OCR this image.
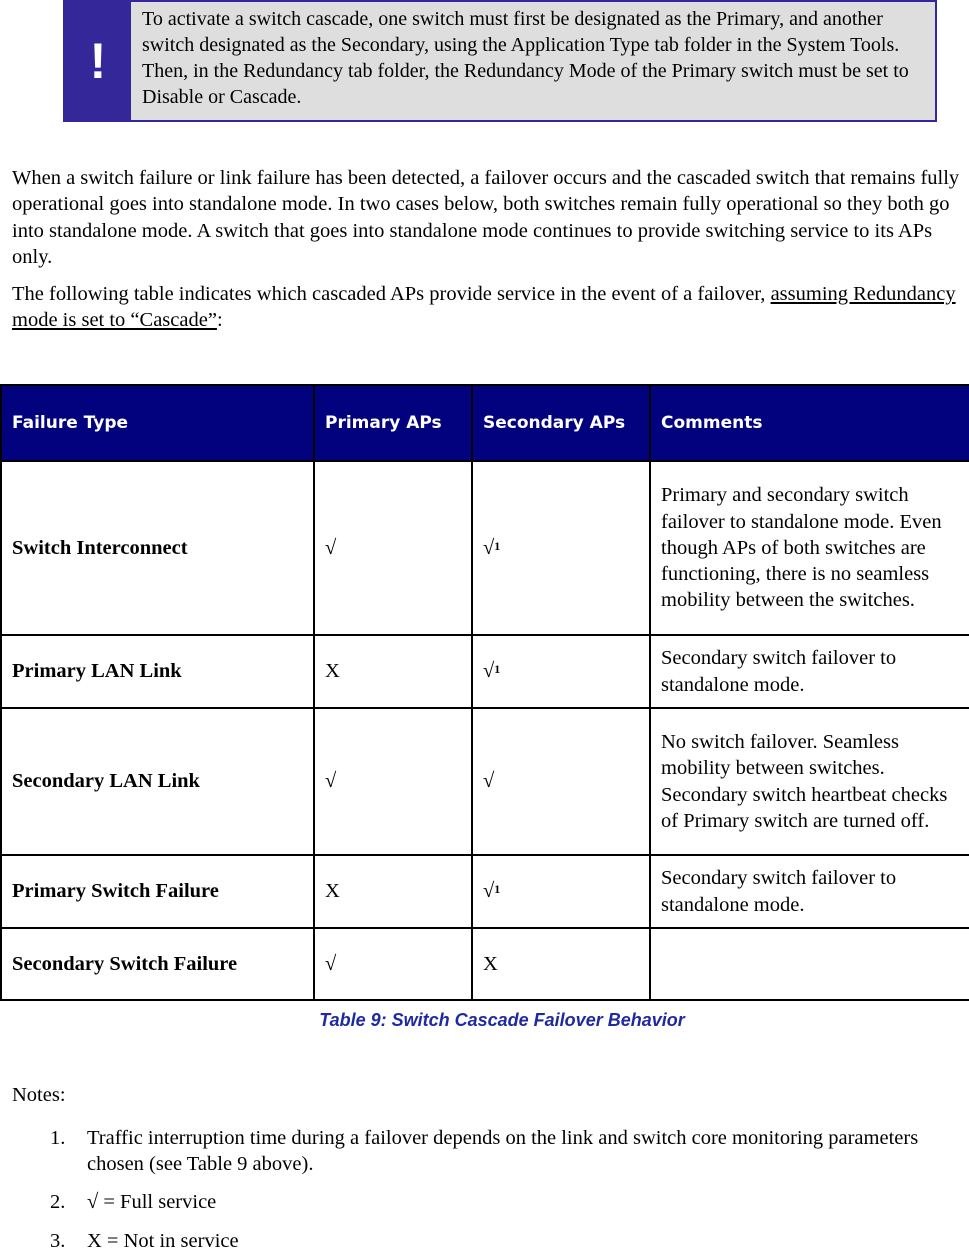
!
To activate a switch cascade, one switch must first be designated as the Primary, and another switch designated as the Secondary, using the Application Type tab folder in the System Tools. Then, in the Redundancy tab folder, the Redundancy Mode of the Primary switch must be set to Disable or Cascade.

When a switch failure or link failure has been detected, a failover occurs and the cascaded switch that remains fully operational goes into standalone mode. In two cases below, both switches remain fully operational so they both go into standalone mode. A switch that goes into standalone mode continues to provide switching service to its APs only.

The following table indicates which cascaded APs provide service in the event of a failover, assuming Redundancy mode is set to “Cascade”:

Failure Type	Primary APs	Secondary APs	Comments
Switch Interconnect	√	√$^1$	Primary and secondary switch failover to standalone mode. Even though APs of both switches are functioning, there is no seamless mobility between the switches.
Primary LAN Link	X	√$^1$	Secondary switch failover to standalone mode.
Secondary LAN Link	√	√	No switch failover. Seamless mobility between switches. Secondary switch heartbeat checks of Primary switch are turned off.
Primary Switch Failure	X	√$^1$	Secondary switch failover to standalone mode.
Secondary Switch Failure	√	X	
Table 9: Switch Cascade Failover Behavior
Notes:
1. Traffic interruption time during a failover depends on the link and switch core monitoring parameters chosen (see Table 9 above).
2. √ = Full service
3. X = Not in service
